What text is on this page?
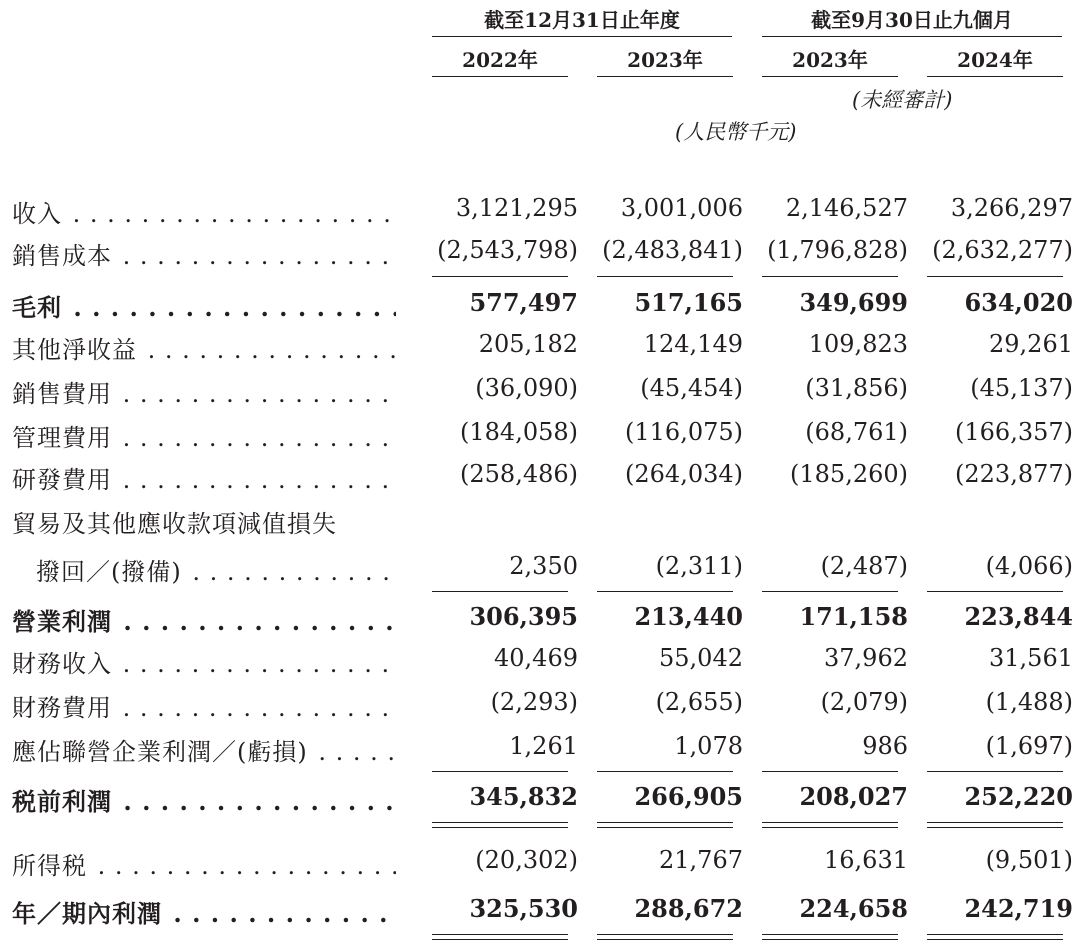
截至12月31日止年度	截至9月30日止九個月
2022年	2023年	2023年	2024年
(未經審計)
(人民幣千元)
收入 . . .	3,121,295	3,001,006	2,146,527	3,266,297
銷售成本 . . .	(2,543,798)	(2,483,841)	(1,796,828)	(2,632,277)
毛利 . . .	577,497	517,165	349,699	634,020
其他淨收益 . . .	205,182	124,149	109,823	29,261
銷售費用 . . .	(36,090)	(45,454)	(31,856)	(45,137)
管理費用 . . .	(184,058)	(116,075)	(68,761)	(166,357)
研發費用 . . .	(258,486)	(264,034)	(185,260)	(223,877)
貿易及其他應收款項減值損失
撥回／(撥備) . . .	2,350	(2,311)	(2,487)	(4,066)
營業利潤 . . .	306,395	213,440	171,158	223,844
財務收入 . . .	40,469	55,042	37,962	31,561
財務費用 . . .	(2,293)	(2,655)	(2,079)	(1,488)
應佔聯營企業利潤／(虧損) . . .	1,261	1,078	986	(1,697)
税前利潤 . . .	345,832	266,905	208,027	252,220
所得税 . . .	(20,302)	21,767	16,631	(9,501)
年／期內利潤 . . .	325,530	288,672	224,658	242,719
